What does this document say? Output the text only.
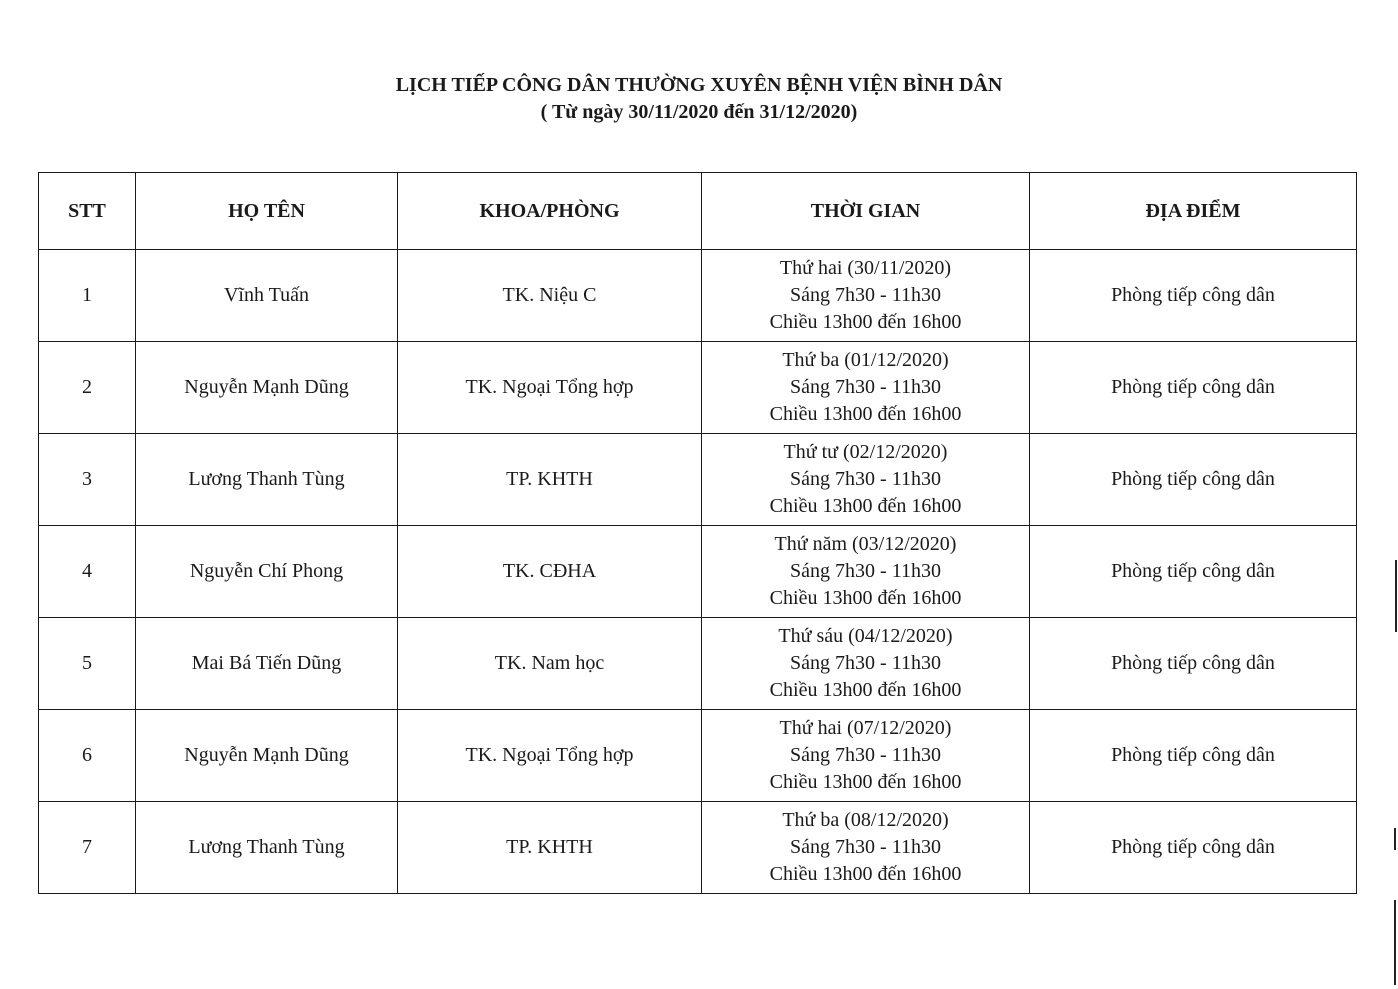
LỊCH TIẾP CÔNG DÂN THƯỜNG XUYÊN BỆNH VIỆN BÌNH DÂN
( Từ ngày 30/11/2020 đến 31/12/2020)
STT	HỌ TÊN	KHOA/PHÒNG	THỜI GIAN	ĐỊA ĐIỂM
1	Vĩnh Tuấn	TK. Niệu C	Thứ hai (30/11/2020)
Sáng 7h30 - 11h30
Chiều 13h00 đến 16h00	Phòng tiếp công dân
2	Nguyễn Mạnh Dũng	TK. Ngoại Tổng hợp	Thứ ba (01/12/2020)
Sáng 7h30 - 11h30
Chiều 13h00 đến 16h00	Phòng tiếp công dân
3	Lương Thanh Tùng	TP. KHTH	Thứ tư (02/12/2020)
Sáng 7h30 - 11h30
Chiều 13h00 đến 16h00	Phòng tiếp công dân
4	Nguyễn Chí Phong	TK. CĐHA	Thứ năm (03/12/2020)
Sáng 7h30 - 11h30
Chiều 13h00 đến 16h00	Phòng tiếp công dân
5	Mai Bá Tiến Dũng	TK. Nam học	Thứ sáu (04/12/2020)
Sáng 7h30 - 11h30
Chiều 13h00 đến 16h00	Phòng tiếp công dân
6	Nguyễn Mạnh Dũng	TK. Ngoại Tổng hợp	Thứ hai (07/12/2020)
Sáng 7h30 - 11h30
Chiều 13h00 đến 16h00	Phòng tiếp công dân
7	Lương Thanh Tùng	TP. KHTH	Thứ ba (08/12/2020)
Sáng 7h30 - 11h30
Chiều 13h00 đến 16h00	Phòng tiếp công dân
